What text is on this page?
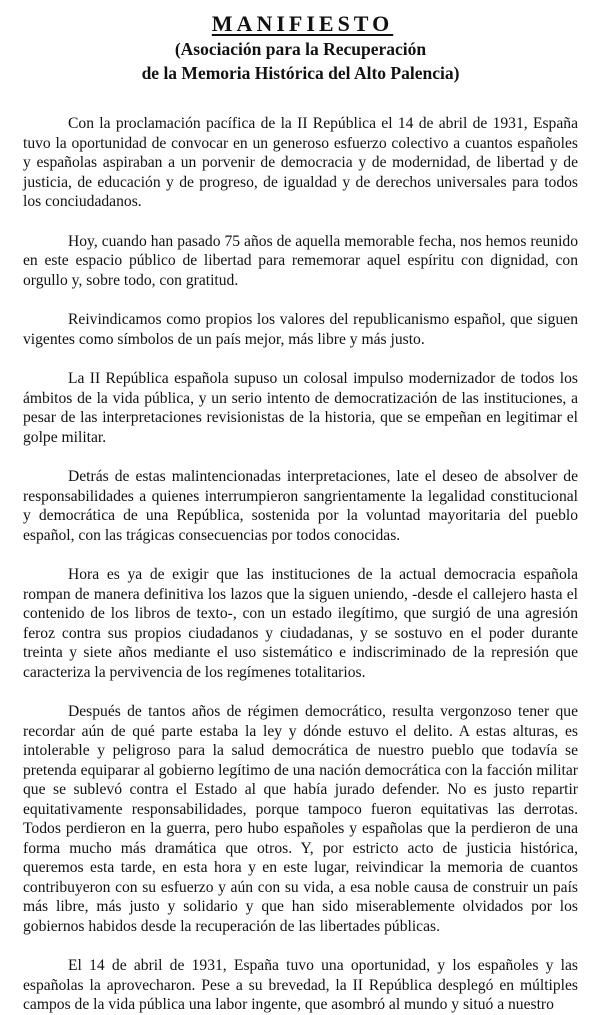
MANIFIESTO
(Asociación para la Recuperación
de la Memoria Histórica del Alto Palencia)

Con la proclamación pacífica de la II República el 14 de abril de 1931, España tuvo la oportunidad de convocar en un generoso esfuerzo colectivo a cuantos españoles y españolas aspiraban a un porvenir de democracia y de modernidad, de libertad y de justicia, de educación y de progreso, de igualdad y de derechos universales para todos los conciudadanos.

Hoy, cuando han pasado 75 años de aquella memorable fecha, nos hemos reunido en este espacio público de libertad para rememorar aquel espíritu con dignidad, con orgullo y, sobre todo, con gratitud.

Reivindicamos como propios los valores del republicanismo español, que siguen vigentes como símbolos de un país mejor, más libre y más justo.

La II República española supuso un colosal impulso modernizador de todos los ámbitos de la vida pública, y un serio intento de democratización de las instituciones, a pesar de las interpretaciones revisionistas de la historia, que se empeñan en legitimar el golpe militar.

Detrás de estas malintencionadas interpretaciones, late el deseo de absolver de responsabilidades a quienes interrumpieron sangrientamente la legalidad constitucional y democrática de una República, sostenida por la voluntad mayoritaria del pueblo español, con las trágicas consecuencias por todos conocidas.

Hora es ya de exigir que las instituciones de la actual democracia española rompan de manera definitiva los lazos que la siguen uniendo, -desde el callejero hasta el contenido de los libros de texto-, con un estado ilegítimo, que surgió de una agresión feroz contra sus propios ciudadanos y ciudadanas, y se sostuvo en el poder durante treinta y siete años mediante el uso sistemático e indiscriminado de la represión que caracteriza la pervivencia de los regímenes totalitarios.

Después de tantos años de régimen democrático, resulta vergonzoso tener que recordar aún de qué parte estaba la ley y dónde estuvo el delito. A estas alturas, es intolerable y peligroso para la salud democrática de nuestro pueblo que todavía se pretenda equiparar al gobierno legítimo de una nación democrática con la facción militar que se sublevó contra el Estado al que había jurado defender. No es justo repartir equitativamente responsabilidades, porque tampoco fueron equitativas las derrotas. Todos perdieron en la guerra, pero hubo españoles y españolas que la perdieron de una forma mucho más dramática que otros. Y, por estricto acto de justicia histórica, queremos esta tarde, en esta hora y en este lugar, reivindicar la memoria de cuantos contribuyeron con su esfuerzo y aún con su vida, a esa noble causa de construir un país más libre, más justo y solidario y que han sido miserablemente olvidados por los gobiernos habidos desde la recuperación de las libertades públicas.

El 14 de abril de 1931, España tuvo una oportunidad, y los españoles y las españolas la aprovecharon. Pese a su brevedad, la II República desplegó en múltiples campos de la vida pública una labor ingente, que asombró al mundo y situó a nuestro
